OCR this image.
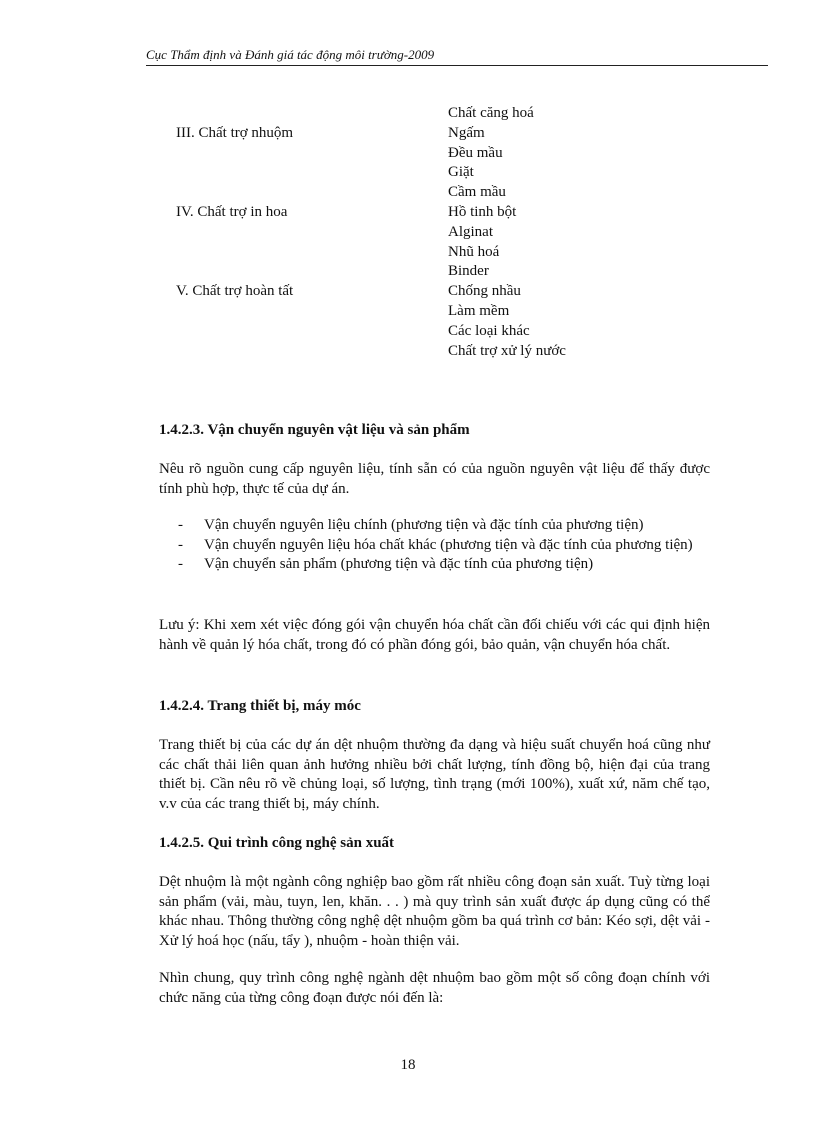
Cục Thẩm định và Đánh giá tác động môi trường-2009
Chất căng hoá
III. Chất trợ nhuộm	Ngấm
Đều mầu
Giặt
Cầm mầu
IV. Chất trợ in hoa	Hồ tinh bột
Alginat
Nhũ hoá
Binder
V. Chất trợ hoàn tất	Chống nhầu
Làm mềm
Các loại khác
Chất trợ xử lý nước
1.4.2.3. Vận chuyển nguyên vật liệu và sản phẩm

Nêu rõ nguồn cung cấp nguyên liệu, tính sẵn có của nguồn nguyên vật liệu để thấy được tính phù hợp, thực tế của dự án.

- Vận chuyển nguyên liệu chính (phương tiện và đặc tính của phương tiện)
- Vận chuyển nguyên liệu hóa chất khác (phương tiện và đặc tính của phương tiện)
- Vận chuyển sản phẩm (phương tiện và đặc tính của phương tiện)

Lưu ý: Khi xem xét việc đóng gói vận chuyển hóa chất cần đối chiếu với các qui định hiện hành về quản lý hóa chất, trong đó có phần đóng gói, bảo quản, vận chuyển hóa chất.

1.4.2.4. Trang thiết bị, máy móc

Trang thiết bị của các dự án dệt nhuộm thường đa dạng và hiệu suất chuyển hoá cũng như các chất thải liên quan ảnh hưởng nhiều bởi chất lượng, tính đồng bộ, hiện đại của trang thiết bị. Cần nêu rõ về chủng loại, số lượng, tình trạng (mới 100%), xuất xứ, năm chế tạo, v.v của các trang thiết bị, máy chính.

1.4.2.5. Qui trình công nghệ sản xuất

Dệt nhuộm là một ngành công nghiệp bao gồm rất nhiều công đoạn sản xuất. Tuỳ từng loại sản phẩm (vải, màu, tuyn, len, khăn. . . ) mà quy trình sản xuất được áp dụng cũng có thể khác nhau. Thông thường công nghệ dệt nhuộm gồm ba quá trình cơ bản: Kéo sợi, dệt vải - Xử lý hoá học (nấu, tẩy ), nhuộm - hoàn thiện vải.

Nhìn chung, quy trình công nghệ ngành dệt nhuộm bao gồm một số công đoạn chính với chức năng của từng công đoạn được nói đến là:

18
